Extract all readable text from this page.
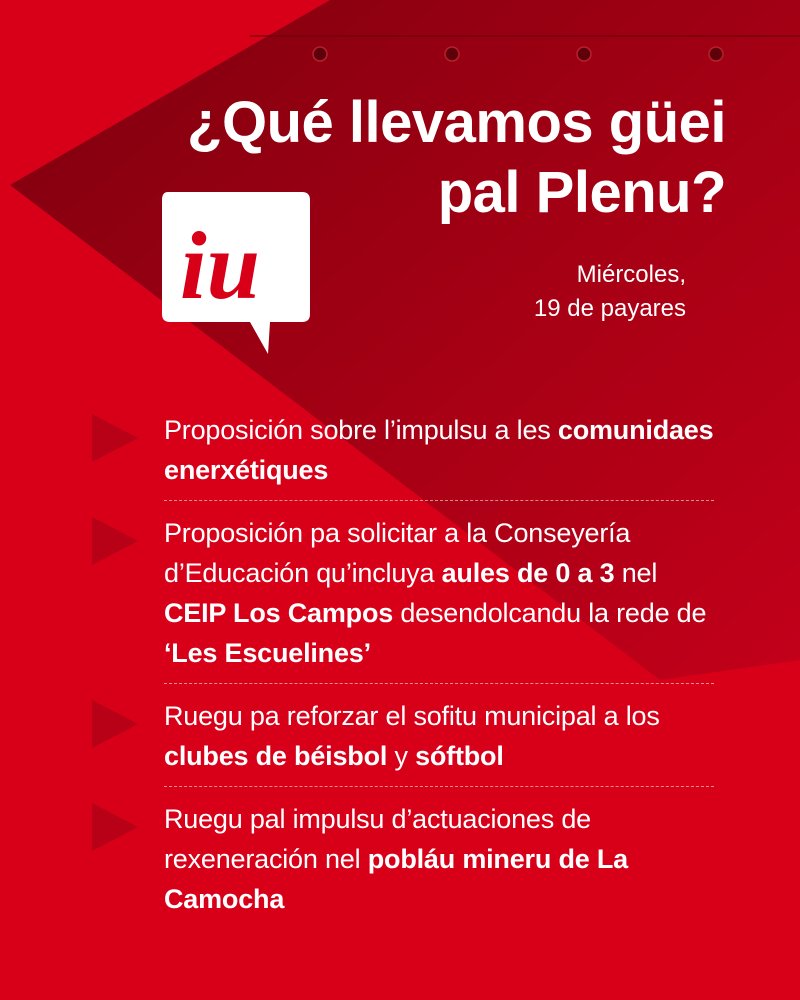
¿Qué llevamos güei
pal Plenu?
iu	Miércoles,
19 de payares

Proposición sobre l’impulsu a les comunidaes enerxétiques

Proposición pa solicitar a la Conseyería d’Educación qu’incluya aules de 0 a 3 nel CEIP Los Campos desendolcandu la rede de ‘Les Escuelines’

Ruegu pa reforzar el sofitu municipal a los clubes de béisbol y sóftbol

Ruegu pal impulsu d’actuaciones de rexeneración nel pobláu mineru de La Camocha
